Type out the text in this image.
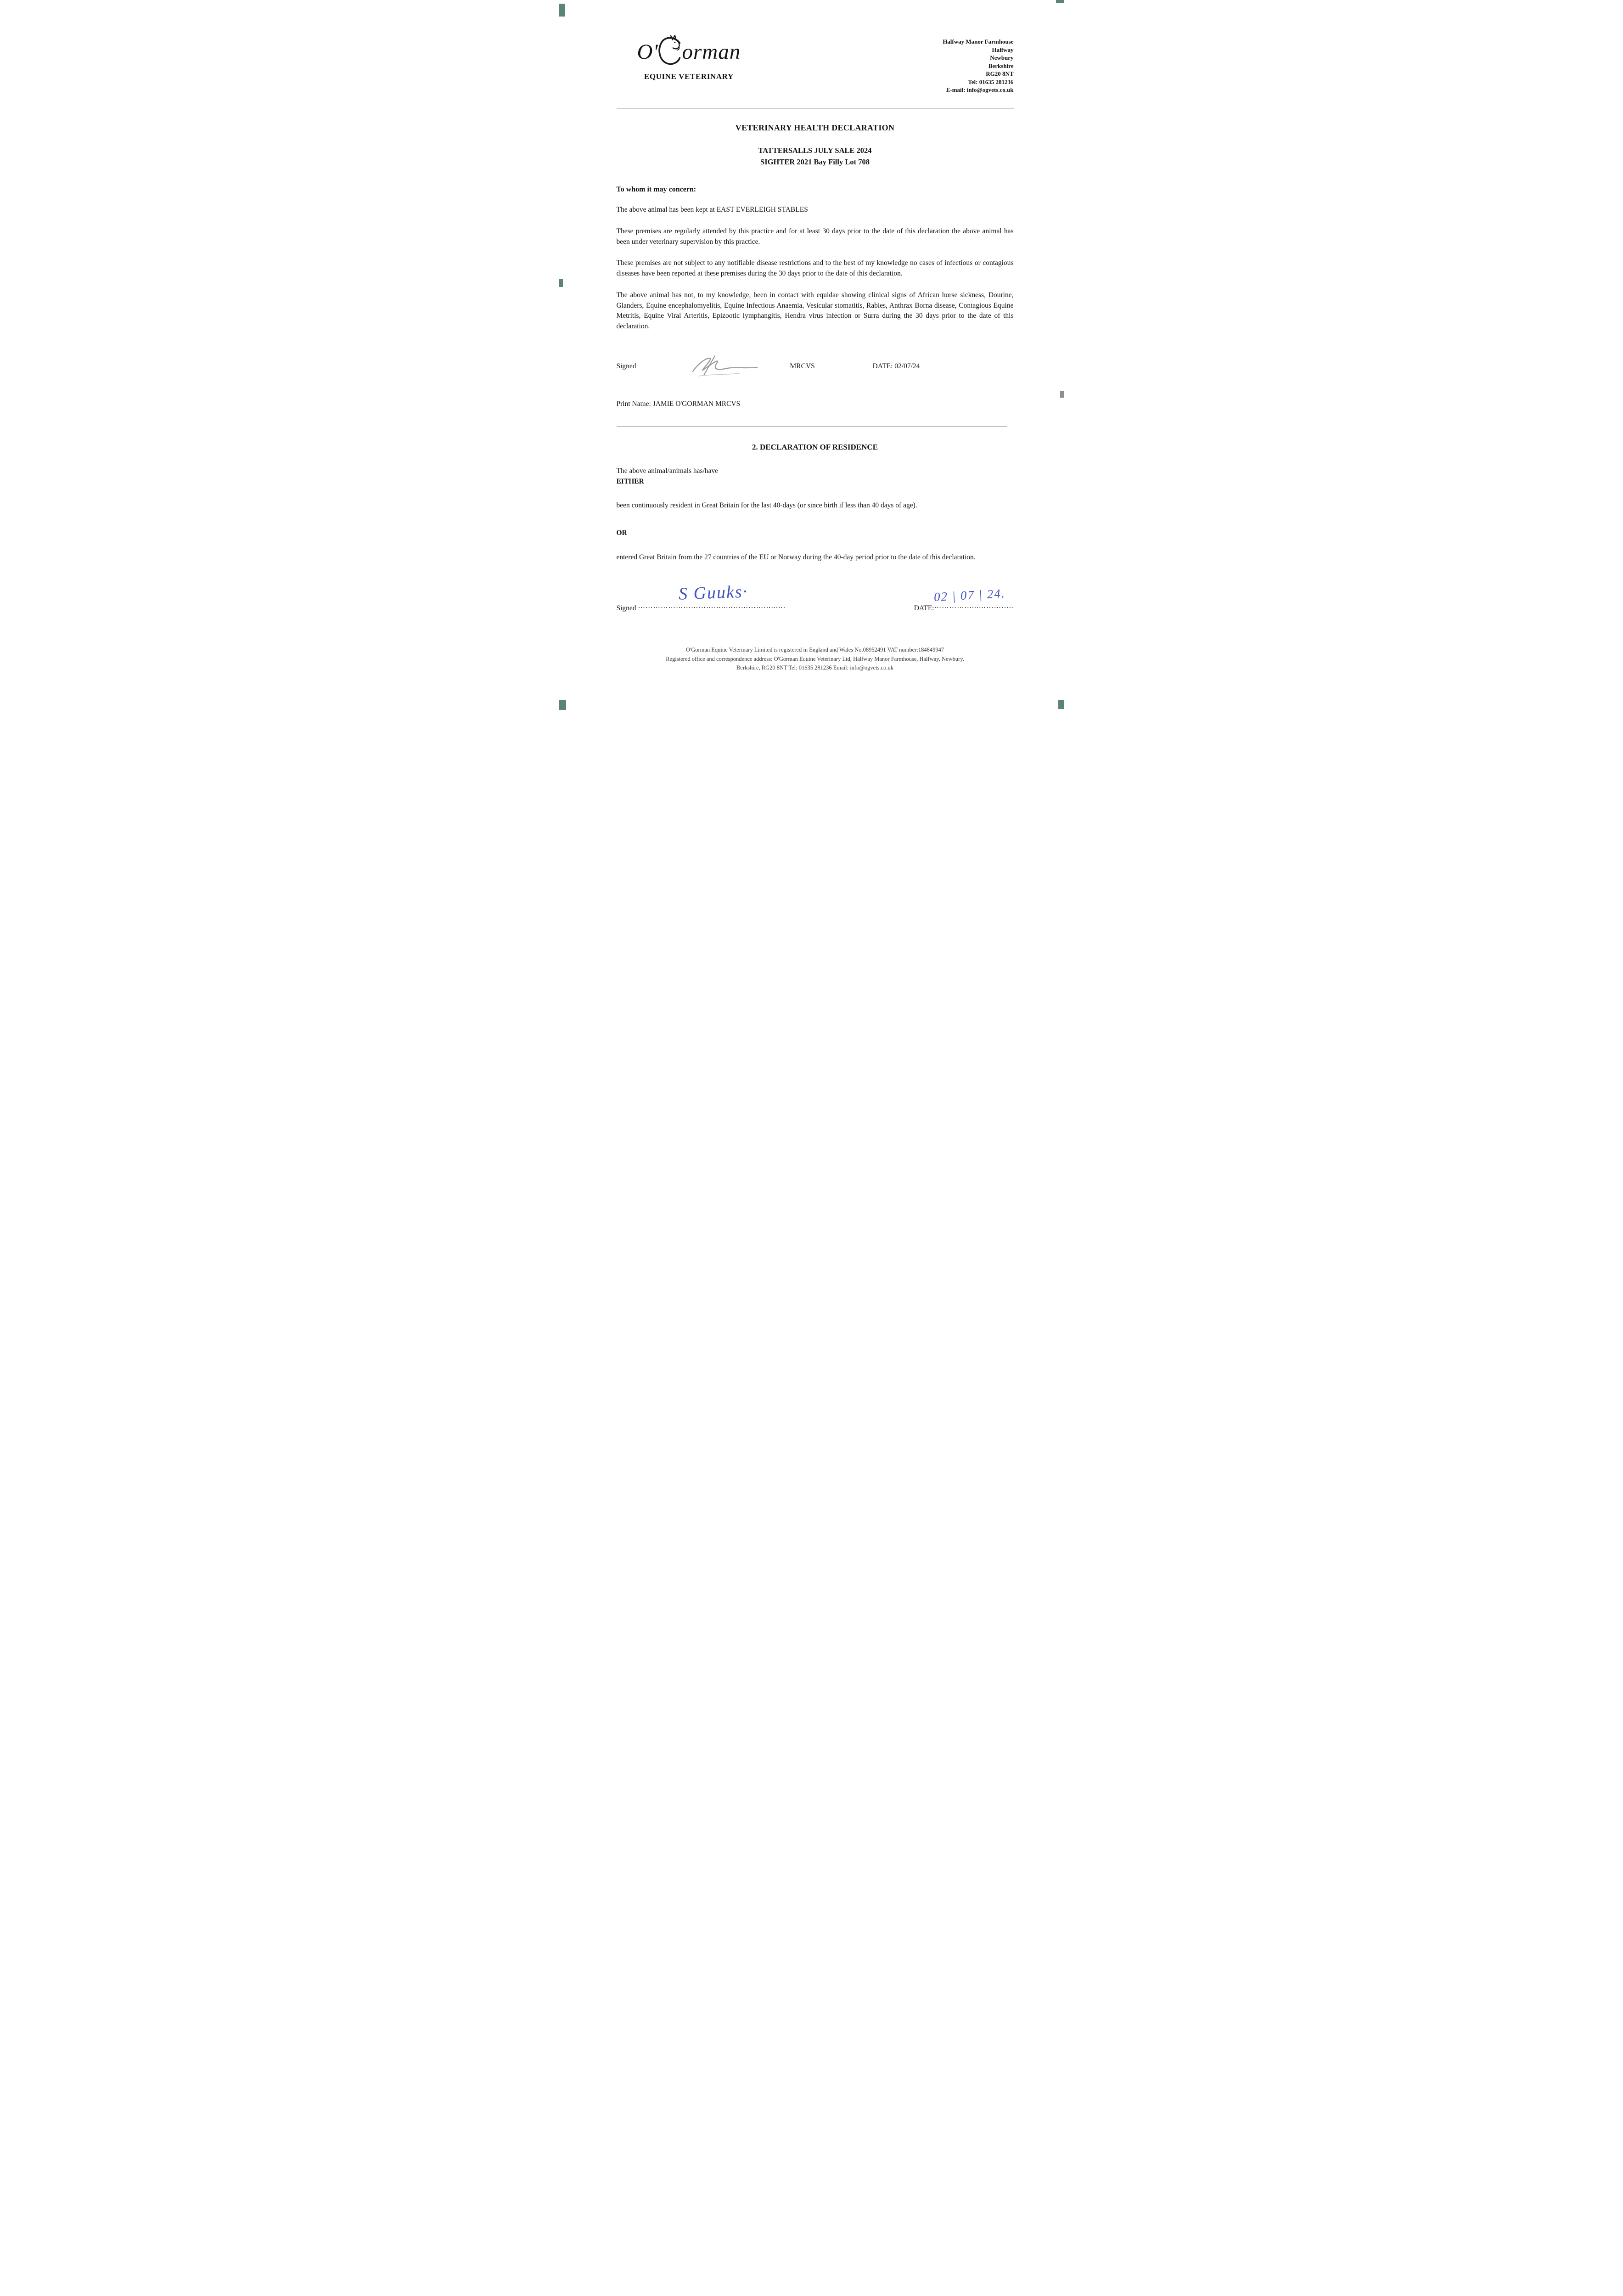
O' orman
EQUINE VETERINARY
Halfway Manor Farmhouse
Halfway
Newbury
Berkshire
RG20 8NT
Tel: 01635 281236
E-mail: info@ogvets.co.uk
VETERINARY HEALTH DECLARATION
TATTERSALLS JULY SALE 2024
SIGHTER 2021 Bay Filly Lot 708
To whom it may concern:

The above animal has been kept at EAST EVERLEIGH STABLES

These premises are regularly attended by this practice and for at least 30 days prior to the date of this declaration the above animal has been under veterinary supervision by this practice.

These premises are not subject to any notifiable disease restrictions and to the best of my knowledge no cases of infectious or contagious diseases have been reported at these premises during the 30 days prior to the date of this declaration.

The above animal has not, to my knowledge, been in contact with equidae showing clinical signs of African horse sickness, Dourine, Glanders, Equine encephalomyelitis, Equine Infectious Anaemia, Vesicular stomatitis, Rabies, Anthrax Borna disease, Contagious Equine Metritis, Equine Viral Arteritis, Epizootic lymphangitis, Hendra virus infection or Surra during the 30 days prior to the date of this declaration.

Signed	MRCVS	DATE: 02/07/24
Print Name: JAMIE O'GORMAN MRCVS
2. DECLARATION OF RESIDENCE
The above animal/animals has/have
EITHER

been continuously resident in Great Britain for the last 40-days (or since birth if less than 40 days of age).

OR

entered Great Britain from the 27 countries of the EU or Norway during the 40-day period prior to the date of this declaration.

Signed ……………………………..………………..….
S Guuks·
DATE:……………...…………..
02 | 07 | 24.
O'Gorman Equine Veterinary Limited is registered in England and Wales No.08952491 VAT number:184849947
Registered office and correspondence address: O'Gorman Equine Veterinary Ltd, Halfway Manor Farmhouse, Halfway, Newbury,
Berkshire, RG20 8NT Tel: 01635 281236 Email: info@ogvets.co.uk
